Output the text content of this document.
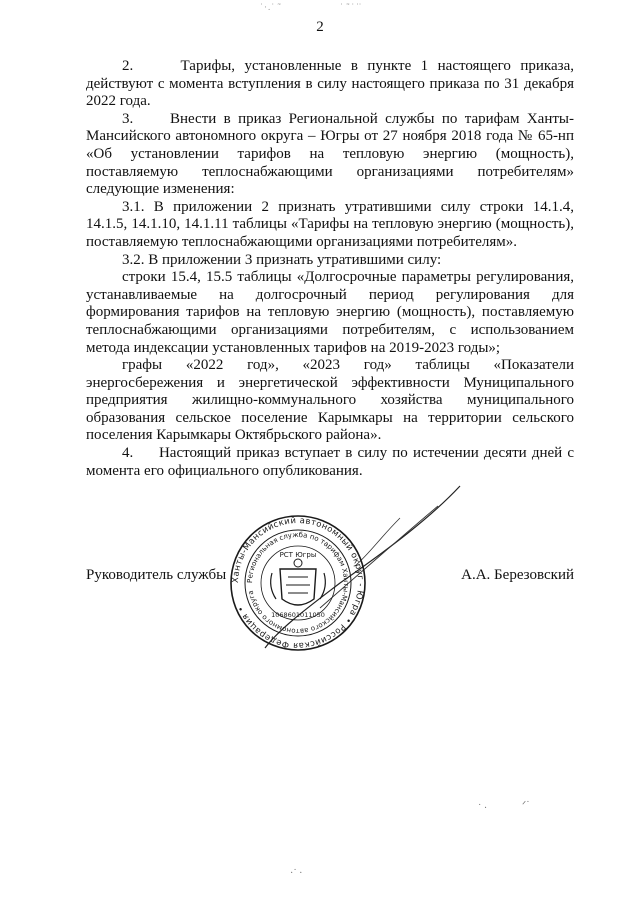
˙·.˙ ̃˙	˙ ̃˙˙ ̇˙
2

2.     Тарифы, установленные в пункте 1 настоящего приказа, действуют с момента вступления в силу настоящего приказа по 31 декабря 2022 года.

3.     Внести в приказ Региональной службы по тарифам Ханты-Мансийского автономного округа – Югры от 27 ноября 2018 года № 65-нп «Об установлении тарифов на тепловую энергию (мощность), поставляемую теплоснабжающими организациями потребителям» следующие изменения:

3.1. В приложении 2 признать утратившими силу строки 14.1.4, 14.1.5, 14.1.10, 14.1.11 таблицы «Тарифы на тепловую энергию (мощность), поставляемую теплоснабжающими организациями потребителям».

3.2. В приложении 3 признать утратившими силу:

строки 15.4, 15.5 таблицы «Долгосрочные параметры регулирования, устанавливаемые на долгосрочный период регулирования для формирования тарифов на тепловую энергию (мощность), поставляемую теплоснабжающими организациями потребителям, с использованием метода индексации установленных тарифов на 2019-2023 годы»;

графы «2022 год», «2023 год» таблицы «Показатели энергосбережения и энергетической эффективности Муниципального предприятия жилищно-коммунального хозяйства муниципального образования сельское поселение Карымкары на территории сельского поселения Карымкары Октябрьского района».

4.     Настоящий приказ вступает в силу по истечении десяти дней с момента его официального опубликования.

Ханты-Мансийский автономный округ - Югра • Российская Федерация •
Региональная служба по тарифам Ханты-Мансийского автономного округа
РСТ Югры
1068601011050
Руководитель службы	А.А. Березовский
˙ ·	ᐟ˙
·˙ ·
